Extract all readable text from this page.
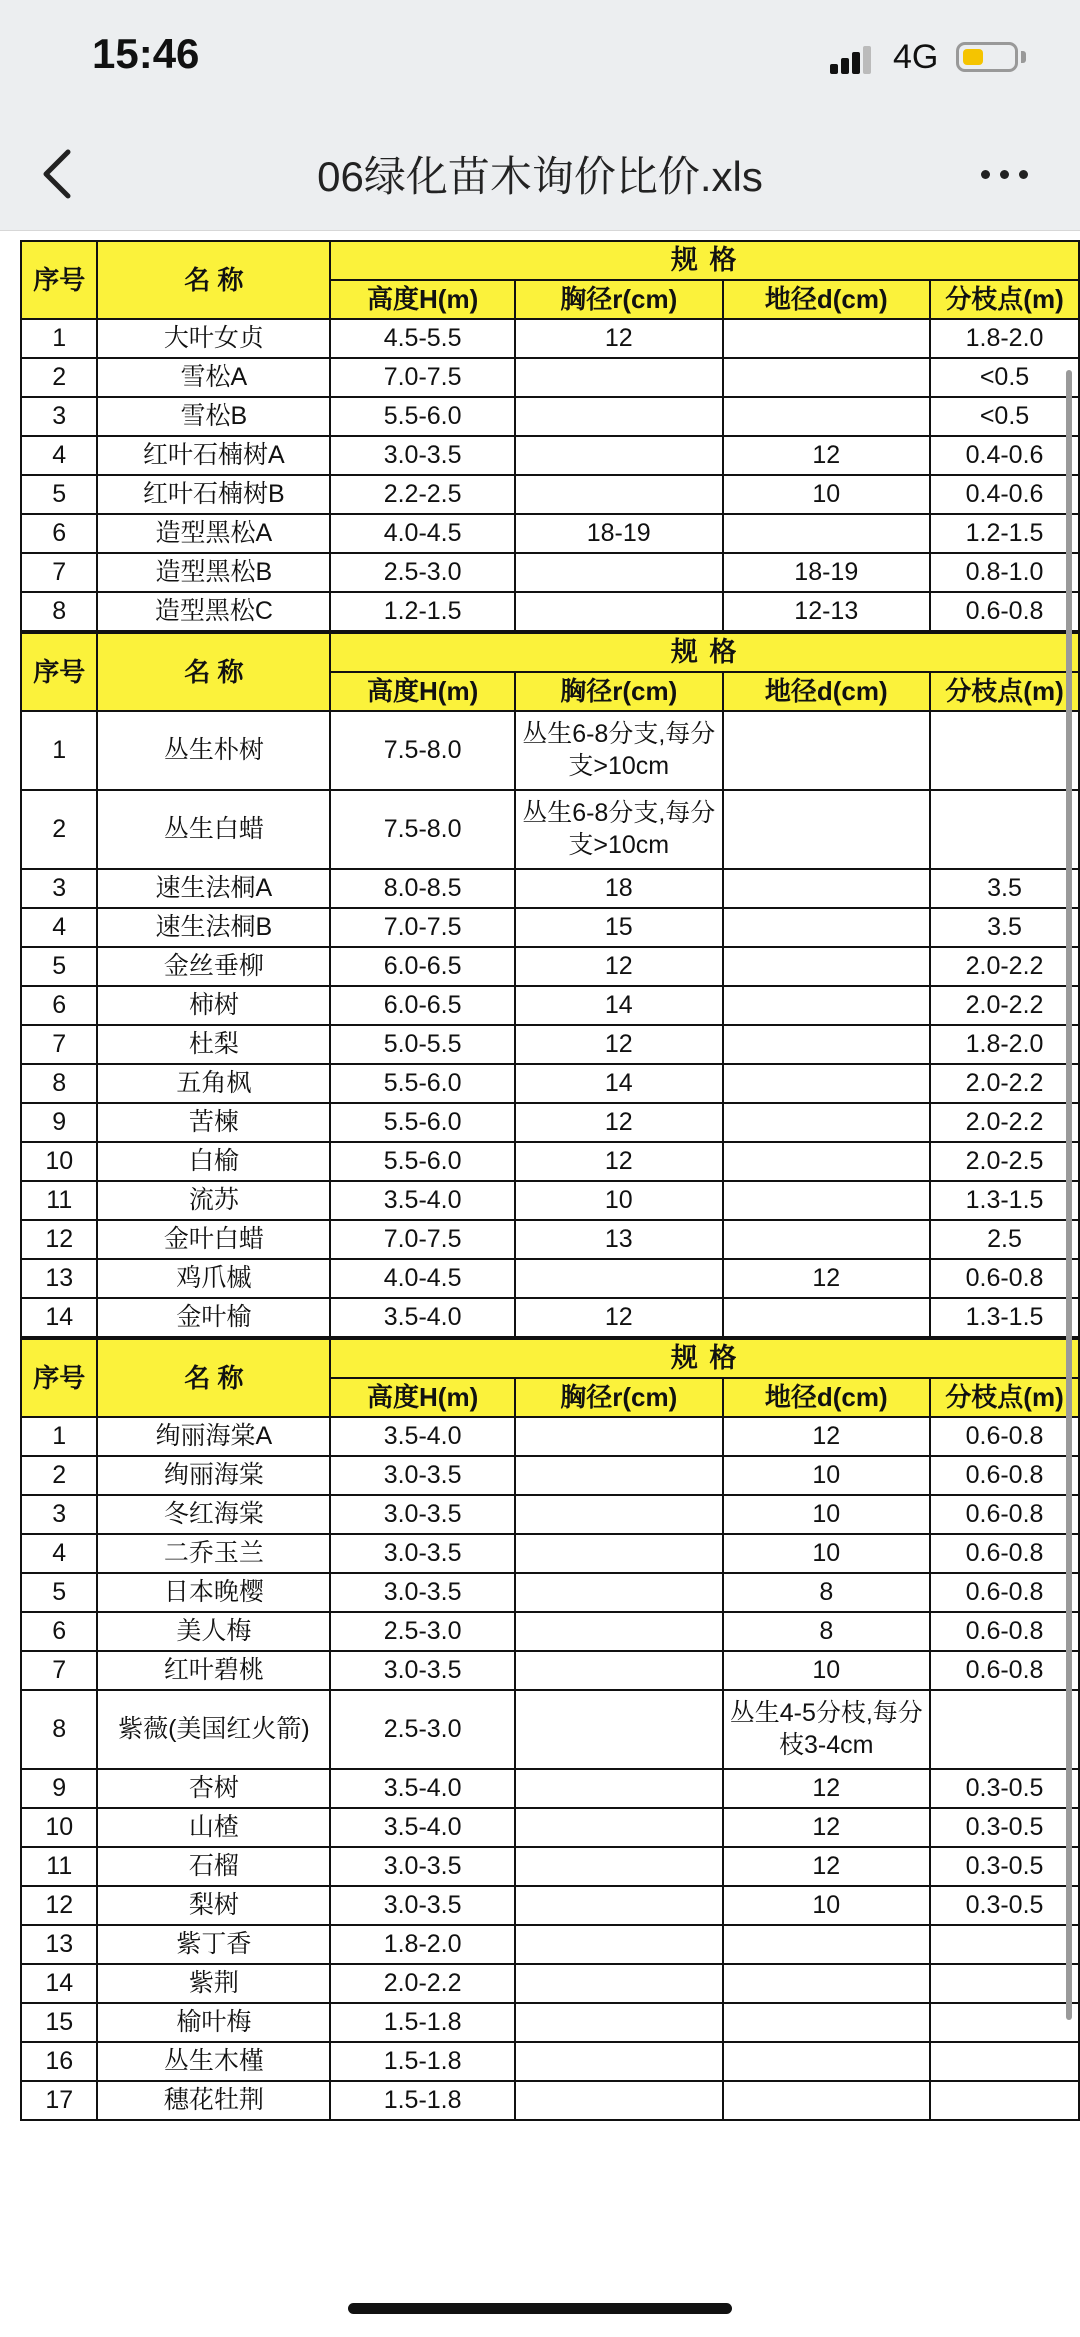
15:46	4G
06绿化苗木询价比价.xls
序号	名 称	规 格			
		高度H(m)	胸径r(cm)	地径d(cm)	分枝点(m)
1	大叶女贞	4.5-5.5	12		1.8-2.0
2	雪松A	7.0-7.5			<0.5
3	雪松B	5.5-6.0			<0.5
4	红叶石楠树A	3.0-3.5		12	0.4-0.6
5	红叶石楠树B	2.2-2.5		10	0.4-0.6
6	造型黑松A	4.0-4.5	18-19		1.2-1.5
7	造型黑松B	2.5-3.0		18-19	0.8-1.0
8	造型黑松C	1.2-1.5		12-13	0.6-0.8
序号	名 称	规 格			
		高度H(m)	胸径r(cm)	地径d(cm)	分枝点(m)
1	丛生朴树	7.5-8.0	丛生6-8分支,每分支>10cm		
2	丛生白蜡	7.5-8.0	丛生6-8分支,每分支>10cm		
3	速生法桐A	8.0-8.5	18		3.5
4	速生法桐B	7.0-7.5	15		3.5
5	金丝垂柳	6.0-6.5	12		2.0-2.2
6	柿树	6.0-6.5	14		2.0-2.2
7	杜梨	5.0-5.5	12		1.8-2.0
8	五角枫	5.5-6.0	14		2.0-2.2
9	苦楝	5.5-6.0	12		2.0-2.2
10	白榆	5.5-6.0	12		2.0-2.5
11	流苏	3.5-4.0	10		1.3-1.5
12	金叶白蜡	7.0-7.5	13		2.5
13	鸡爪槭	4.0-4.5		12	0.6-0.8
14	金叶榆	3.5-4.0	12		1.3-1.5
序号	名 称	规 格			
		高度H(m)	胸径r(cm)	地径d(cm)	分枝点(m)
1	绚丽海棠A	3.5-4.0		12	0.6-0.8
2	绚丽海棠	3.0-3.5		10	0.6-0.8
3	冬红海棠	3.0-3.5		10	0.6-0.8
4	二乔玉兰	3.0-3.5		10	0.6-0.8
5	日本晚樱	3.0-3.5		8	0.6-0.8
6	美人梅	2.5-3.0		8	0.6-0.8
7	红叶碧桃	3.0-3.5		10	0.6-0.8
8	紫薇(美国红火箭)	2.5-3.0		丛生4-5分枝,每分枝3-4cm	
9	杏树	3.5-4.0		12	0.3-0.5
10	山楂	3.5-4.0		12	0.3-0.5
11	石榴	3.0-3.5		12	0.3-0.5
12	梨树	3.0-3.5		10	0.3-0.5
13	紫丁香	1.8-2.0			
14	紫荆	2.0-2.2			
15	榆叶梅	1.5-1.8			
16	丛生木槿	1.5-1.8			
17	穗花牡荆	1.5-1.8			
